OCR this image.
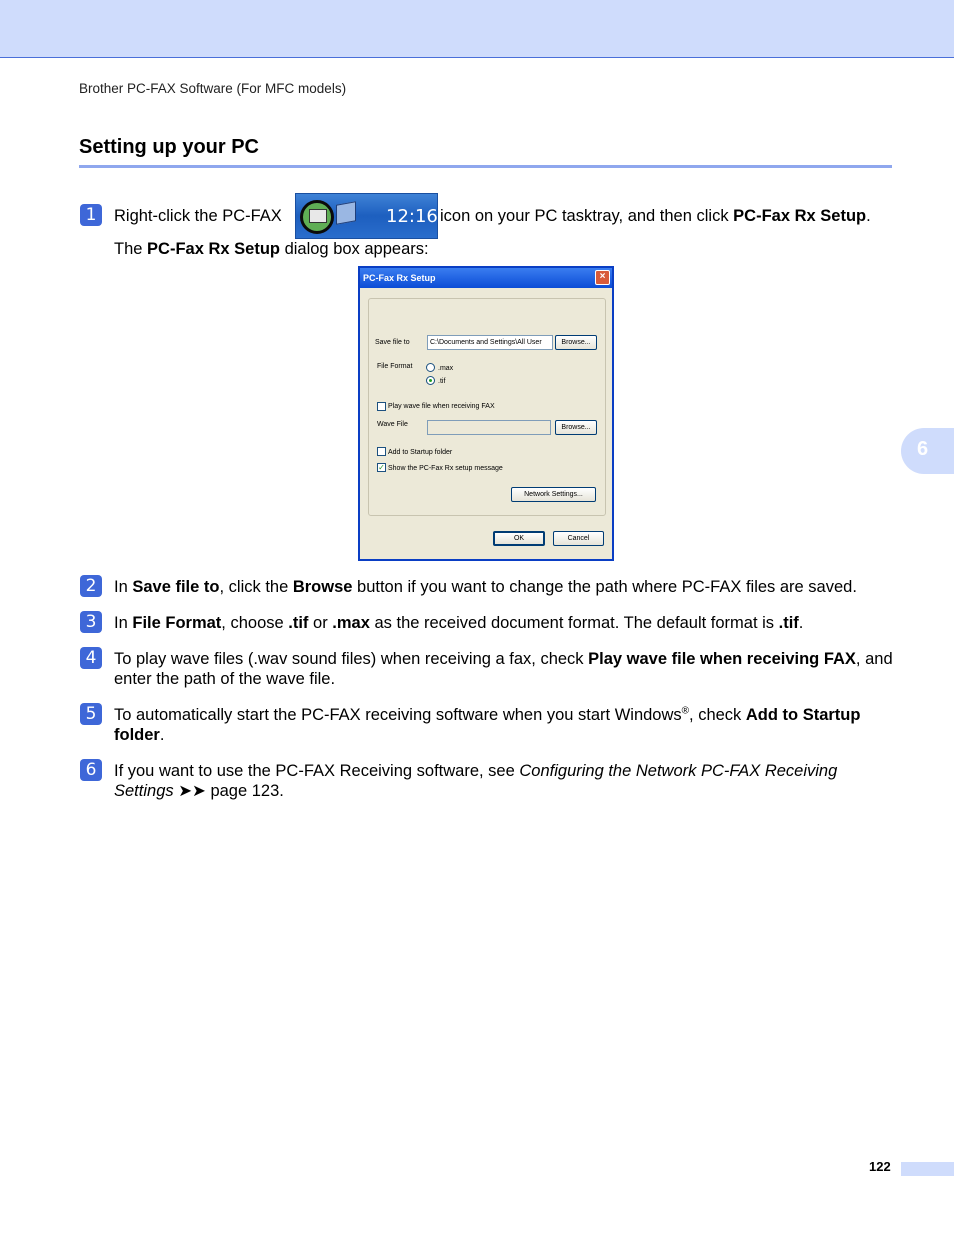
Brother PC-FAX Software (For MFC models)
Setting up your PC
6
1	Right-click the PC-FAX	12:16 icon on your PC tasktray, and then click PC-Fax Rx Setup.
The PC-Fax Rx Setup dialog box appears:
PC-Fax Rx Setup	×
Save file to	C:\Documents and Settings\All User	Browse...
File Format	.max
.tif
Play wave file when receiving FAX
Wave File	Browse...
Add to Startup folder
✓ Show the PC-Fax Rx setup message
Network Settings...
OK	Cancel
2	In Save file to, click the Browse button if you want to change the path where PC-FAX files are saved.
3	In File Format, choose .tif or .max as the received document format. The default format is .tif.
4	To play wave files (.wav sound files) when receiving a fax, check Play wave file when receiving FAX, and enter the path of the wave file.
5	To automatically start the PC-FAX receiving software when you start Windows®, check Add to Startup folder.
6	If you want to use the PC-FAX Receiving software, see Configuring the Network PC-FAX Receiving Settings ➤➤ page 123.
122
